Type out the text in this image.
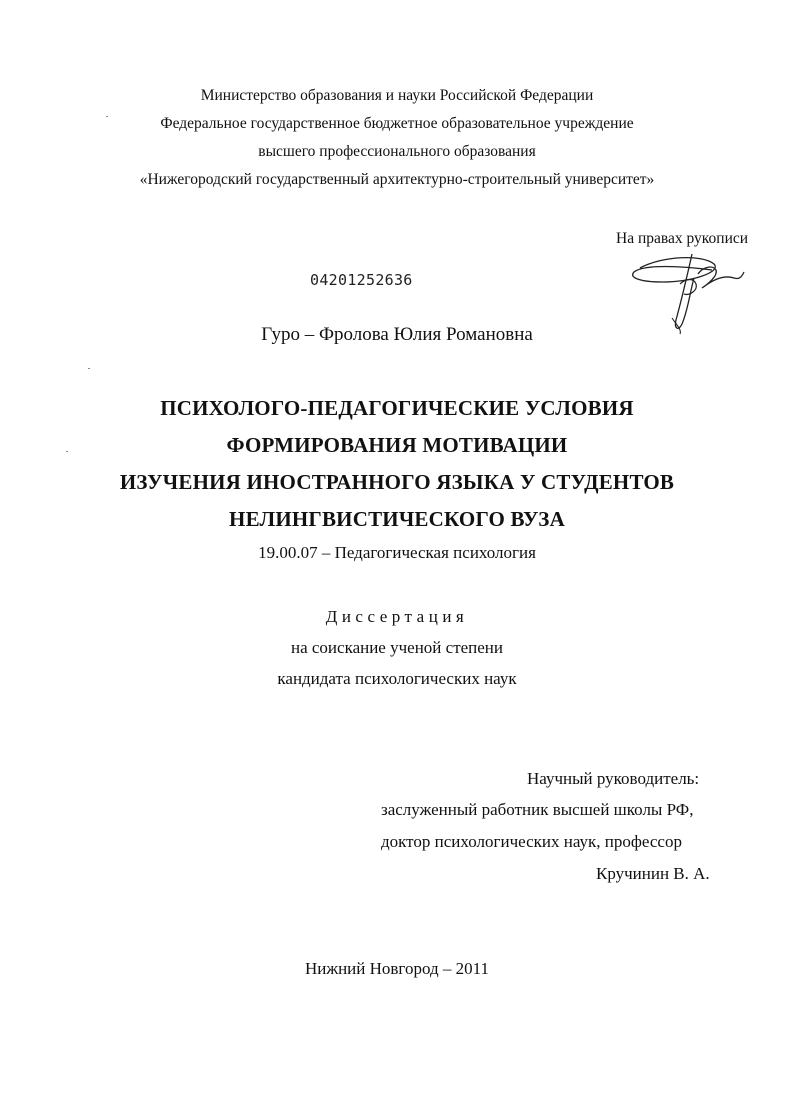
Министерство образования и науки Российской Федерации
Федеральное государственное бюджетное образовательное учреждение
высшего профессионального образования
«Нижегородский государственный архитектурно-строительный университет»
На правах рукописи
04201252636
Гуро – Фролова Юлия Романовна
ПСИХОЛОГО-ПЕДАГОГИЧЕСКИЕ УСЛОВИЯ
ФОРМИРОВАНИЯ МОТИВАЦИИ
ИЗУЧЕНИЯ ИНОСТРАННОГО ЯЗЫКА У СТУДЕНТОВ
НЕЛИНГВИСТИЧЕСКОГО ВУЗА
19.00.07 – Педагогическая психология
Диссертация
на соискание ученой степени
кандидата психологических наук
Научный руководитель:
заслуженный работник высшей школы РФ,
доктор психологических наук, профессор
Кручинин В. А.
Нижний Новгород – 2011
